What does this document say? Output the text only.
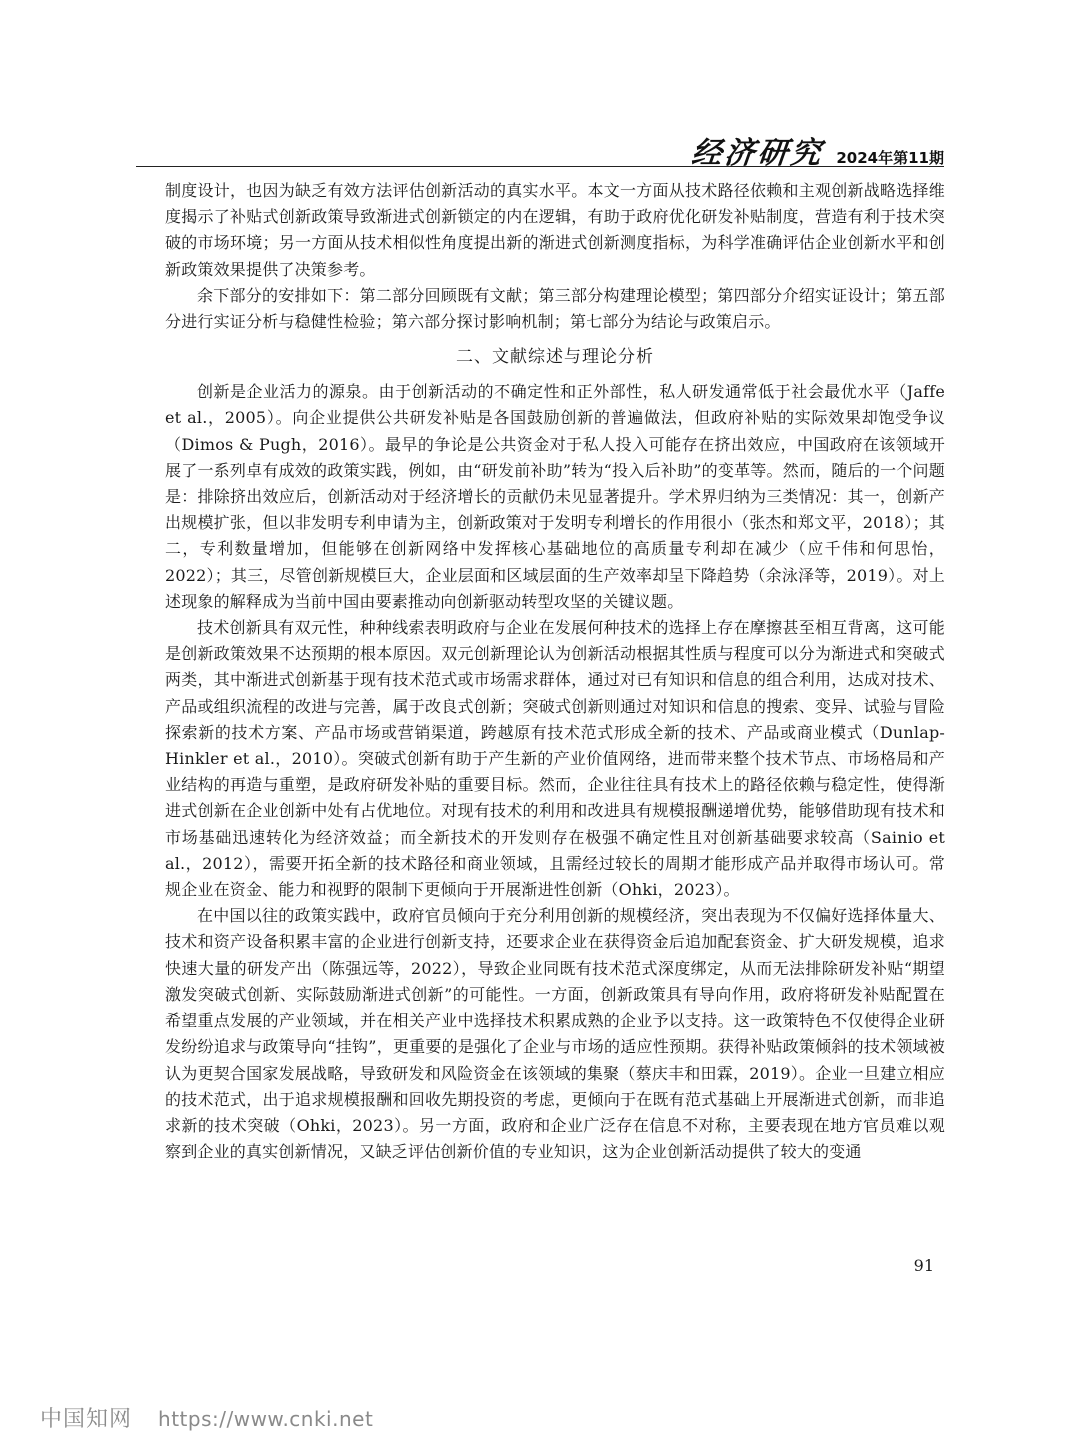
经济研究 2024年第11期

制度设计，也因为缺乏有效方法评估创新活动的真实水平。本文一方面从技术路径依赖和主观创新战略选择维度揭示了补贴式创新政策导致渐进式创新锁定的内在逻辑，有助于政府优化研发补贴制度，营造有利于技术突破的市场环境；另一方面从技术相似性角度提出新的渐进式创新测度指标，为科学准确评估企业创新水平和创新政策效果提供了决策参考。

余下部分的安排如下：第二部分回顾既有文献；第三部分构建理论模型；第四部分介绍实证设计；第五部分进行实证分析与稳健性检验；第六部分探讨影响机制；第七部分为结论与政策启示。

二、文献综述与理论分析

创新是企业活力的源泉。由于创新活动的不确定性和正外部性，私人研发通常低于社会最优水平（Jaffe et al.，2005）。向企业提供公共研发补贴是各国鼓励创新的普遍做法，但政府补贴的实际效果却饱受争议（Dimos & Pugh，2016）。最早的争论是公共资金对于私人投入可能存在挤出效应，中国政府在该领域开展了一系列卓有成效的政策实践，例如，由“研发前补助”转为“投入后补助”的变革等。然而，随后的一个问题是：排除挤出效应后，创新活动对于经济增长的贡献仍未见显著提升。学术界归纳为三类情况：其一，创新产出规模扩张，但以非发明专利申请为主，创新政策对于发明专利增长的作用很小（张杰和郑文平，2018）；其二，专利数量增加，但能够在创新网络中发挥核心基础地位的高质量专利却在减少（应千伟和何思怡，2022）；其三，尽管创新规模巨大，企业层面和区域层面的生产效率却呈下降趋势（余泳泽等，2019）。对上述现象的解释成为当前中国由要素推动向创新驱动转型攻坚的关键议题。

技术创新具有双元性，种种线索表明政府与企业在发展何种技术的选择上存在摩擦甚至相互背离，这可能是创新政策效果不达预期的根本原因。双元创新理论认为创新活动根据其性质与程度可以分为渐进式和突破式两类，其中渐进式创新基于现有技术范式或市场需求群体，通过对已有知识和信息的组合利用，达成对技术、产品或组织流程的改进与完善，属于改良式创新；突破式创新则通过对知识和信息的搜索、变异、试验与冒险探索新的技术方案、产品市场或营销渠道，跨越原有技术范式形成全新的技术、产品或商业模式（Dunlap-Hinkler et al.，2010）。突破式创新有助于产生新的产业价值网络，进而带来整个技术节点、市场格局和产业结构的再造与重塑，是政府研发补贴的重要目标。然而，企业往往具有技术上的路径依赖与稳定性，使得渐进式创新在企业创新中处有占优地位。对现有技术的利用和改进具有规模报酬递增优势，能够借助现有技术和市场基础迅速转化为经济效益；而全新技术的开发则存在极强不确定性且对创新基础要求较高（Sainio et al.，2012），需要开拓全新的技术路径和商业领域，且需经过较长的周期才能形成产品并取得市场认可。常规企业在资金、能力和视野的限制下更倾向于开展渐进性创新（Ohki，2023）。

在中国以往的政策实践中，政府官员倾向于充分利用创新的规模经济，突出表现为不仅偏好选择体量大、技术和资产设备积累丰富的企业进行创新支持，还要求企业在获得资金后追加配套资金、扩大研发规模，追求快速大量的研发产出（陈强远等，2022），导致企业同既有技术范式深度绑定，从而无法排除研发补贴“期望激发突破式创新、实际鼓励渐进式创新”的可能性。一方面，创新政策具有导向作用，政府将研发补贴配置在希望重点发展的产业领域，并在相关产业中选择技术积累成熟的企业予以支持。这一政策特色不仅使得企业研发纷纷追求与政策导向“挂钩”，更重要的是强化了企业与市场的适应性预期。获得补贴政策倾斜的技术领域被认为更契合国家发展战略，导致研发和风险资金在该领域的集聚（蔡庆丰和田霖，2019）。企业一旦建立相应的技术范式，出于追求规模报酬和回收先期投资的考虑，更倾向于在既有范式基础上开展渐进式创新，而非追求新的技术突破（Ohki，2023）。另一方面，政府和企业广泛存在信息不对称，主要表现在地方官员难以观察到企业的真实创新情况，又缺乏评估创新价值的专业知识，这为企业创新活动提供了较大的变通

91
中国知网 https://www.cnki.net
